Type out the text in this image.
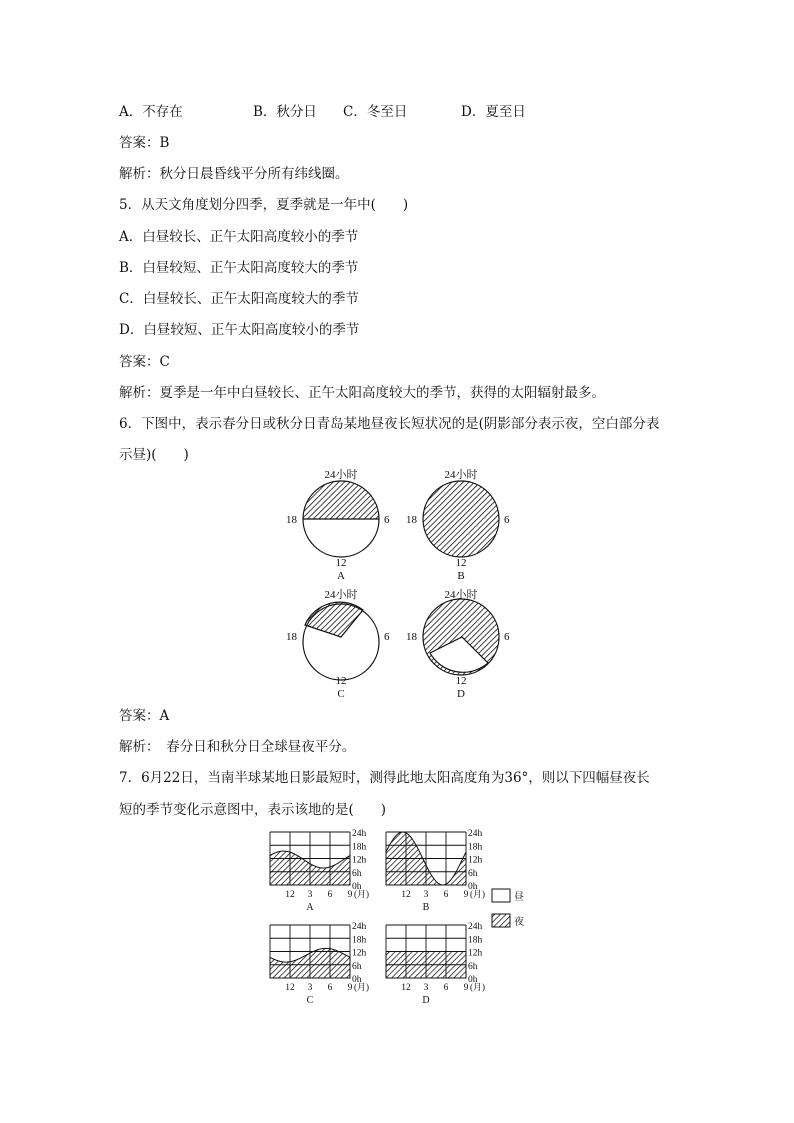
A．不存在	B．秋分日 C．冬至日	D．夏至日
答案：B
解析：秋分日晨昏线平分所有纬线圈。
5．从天文角度划分四季，夏季就是一年中(　　)
A．白昼较长、正午太阳高度较小的季节
B．白昼较短、正午太阳高度较大的季节
C．白昼较长、正午太阳高度较大的季节
D．白昼较短、正午太阳高度较小的季节
答案：C
解析：夏季是一年中白昼较长、正午太阳高度较大的季节，获得的太阳辐射最多。
6．下图中，表示春分日或秋分日青岛某地昼夜长短状况的是(阴影部分表示夜，空白部分表
示昼)(　　)
24小时
18	6
12
A
24小时
18	6
12
B
24小时
18	6
12
C
24小时
18	6
12
D
答案：A
解析：　春分日和秋分日全球昼夜平分。
7．6月22日，当南半球某地日影最短时，测得此地太阳高度角为36°，则以下四幅昼夜长
短的季节变化示意图中，表示该地的是(　　)
24h
18h
12h
6h
0h
12 3 6 9 (月)
A
24h
18h
12h
6h
0h
12 3 6 9 (月)
B
24h
18h
12h
6h
0h
12 3 6 9 (月)
C
24h
18h
12h
6h
0h
12 3 6 9 (月)
D
昼
夜
